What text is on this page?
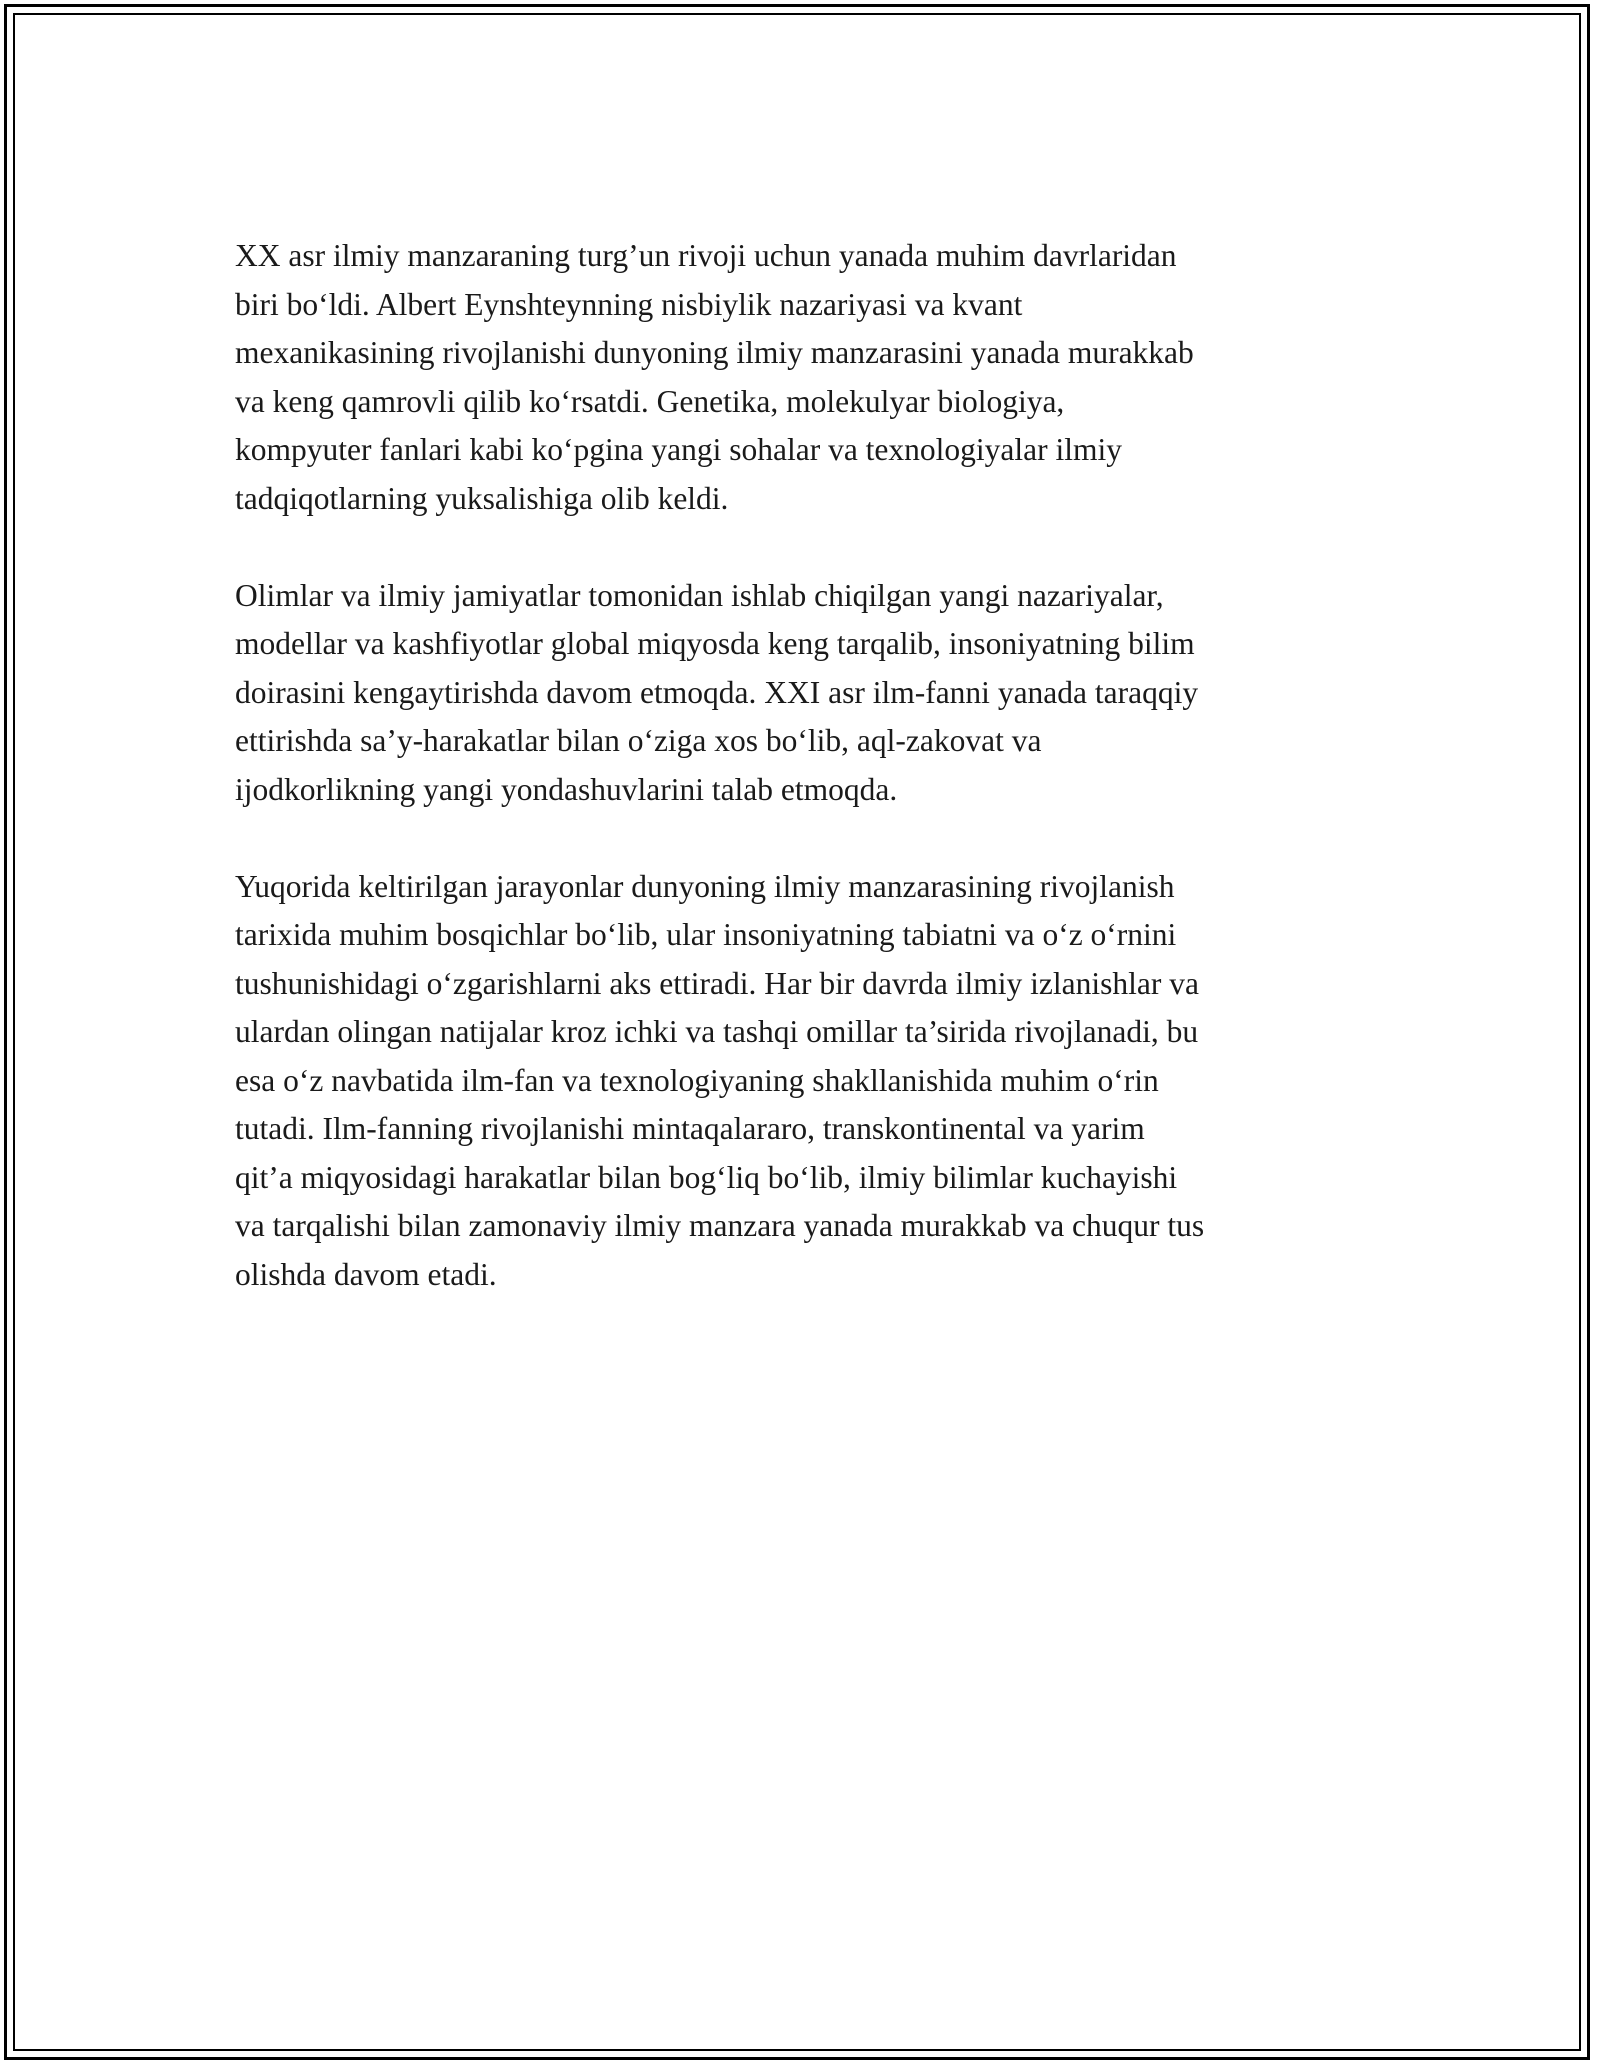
XX asr ilmiy manzaraning turg’un rivoji uchun yanada muhim davrlaridan
biri bo‘ldi. Albert Eynshteynning nisbiylik nazariyasi va kvant
mexanikasining rivojlanishi dunyoning ilmiy manzarasini yanada murakkab
va keng qamrovli qilib ko‘rsatdi. Genetika, molekulyar biologiya,
kompyuter fanlari kabi ko‘pgina yangi sohalar va texnologiyalar ilmiy
tadqiqotlarning yuksalishiga olib keldi.

Olimlar va ilmiy jamiyatlar tomonidan ishlab chiqilgan yangi nazariyalar,
modellar va kashfiyotlar global miqyosda keng tarqalib, insoniyatning bilim
doirasini kengaytirishda davom etmoqda. XXI asr ilm-fanni yanada taraqqiy
ettirishda sa’y-harakatlar bilan o‘ziga xos bo‘lib, aql-zakovat va
ijodkorlikning yangi yondashuvlarini talab etmoqda.

Yuqorida keltirilgan jarayonlar dunyoning ilmiy manzarasining rivojlanish
tarixida muhim bosqichlar bo‘lib, ular insoniyatning tabiatni va o‘z o‘rnini
tushunishidagi o‘zgarishlarni aks ettiradi. Har bir davrda ilmiy izlanishlar va
ulardan olingan natijalar kroz ichki va tashqi omillar ta’sirida rivojlanadi, bu
esa o‘z navbatida ilm-fan va texnologiyaning shakllanishida muhim o‘rin
tutadi. Ilm-fanning rivojlanishi mintaqalararo, transkontinental va yarim
qit’a miqyosidagi harakatlar bilan bog‘liq bo‘lib, ilmiy bilimlar kuchayishi
va tarqalishi bilan zamonaviy ilmiy manzara yanada murakkab va chuqur tus
olishda davom etadi.
